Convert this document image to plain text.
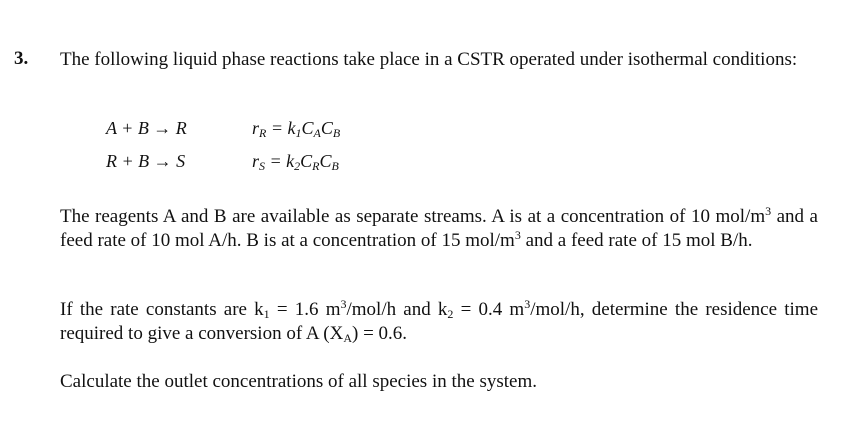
3. The following liquid phase reactions take place in a CSTR operated under isothermal conditions:
A + B → R	$r_R = k_1C_AC_B$
R + B → S	$r_S = k_2C_RC_B$
The reagents A and B are available as separate streams. A is at a concentration of 10 mol/$m^3$ and a feed rate of 10 mol A/h. B is at a concentration of 15 mol/$m^3$ and a feed rate of 15 mol B/h.
If the rate constants are $k_1 = 1.6$ $m^3/mol/h$ and $k_2 = 0.4$ $m^3/mol/h$, determine the residence time required to give a conversion of A $(X_A) = 0.6$.
Calculate the outlet concentrations of all species in the system.
